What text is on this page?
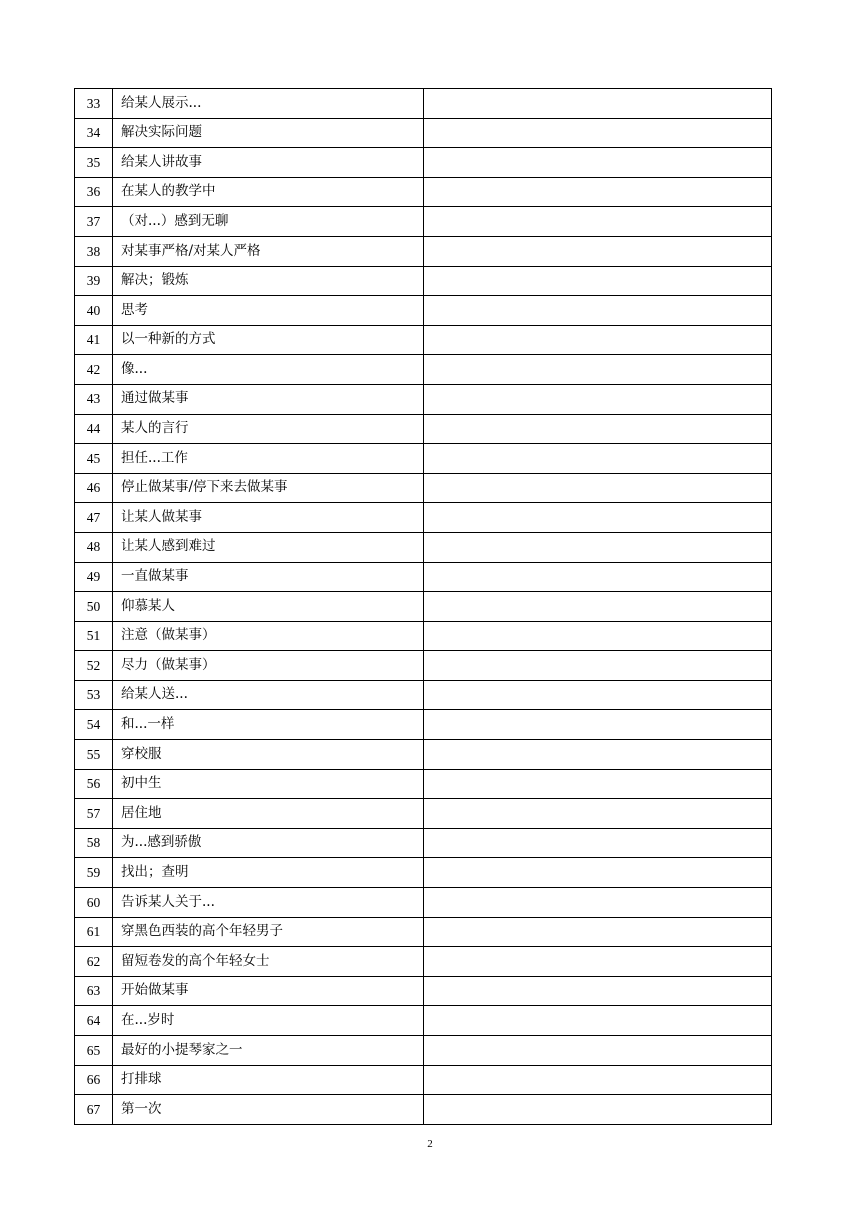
33	给某人展示...	
34	解决实际问题	
35	给某人讲故事	
36	在某人的教学中	
37	（对...）感到无聊	
38	对某事严格/对某人严格	
39	解决；锻炼	
40	思考	
41	以一种新的方式	
42	像...	
43	通过做某事	
44	某人的言行	
45	担任...工作	
46	停止做某事/停下来去做某事	
47	让某人做某事	
48	让某人感到难过	
49	一直做某事	
50	仰慕某人	
51	注意（做某事）	
52	尽力（做某事）	
53	给某人送...	
54	和...一样	
55	穿校服	
56	初中生	
57	居住地	
58	为...感到骄傲	
59	找出；查明	
60	告诉某人关于...	
61	穿黑色西装的高个年轻男子	
62	留短卷发的高个年轻女士	
63	开始做某事	
64	在...岁时	
65	最好的小提琴家之一	
66	打排球	
67	第一次	
2
